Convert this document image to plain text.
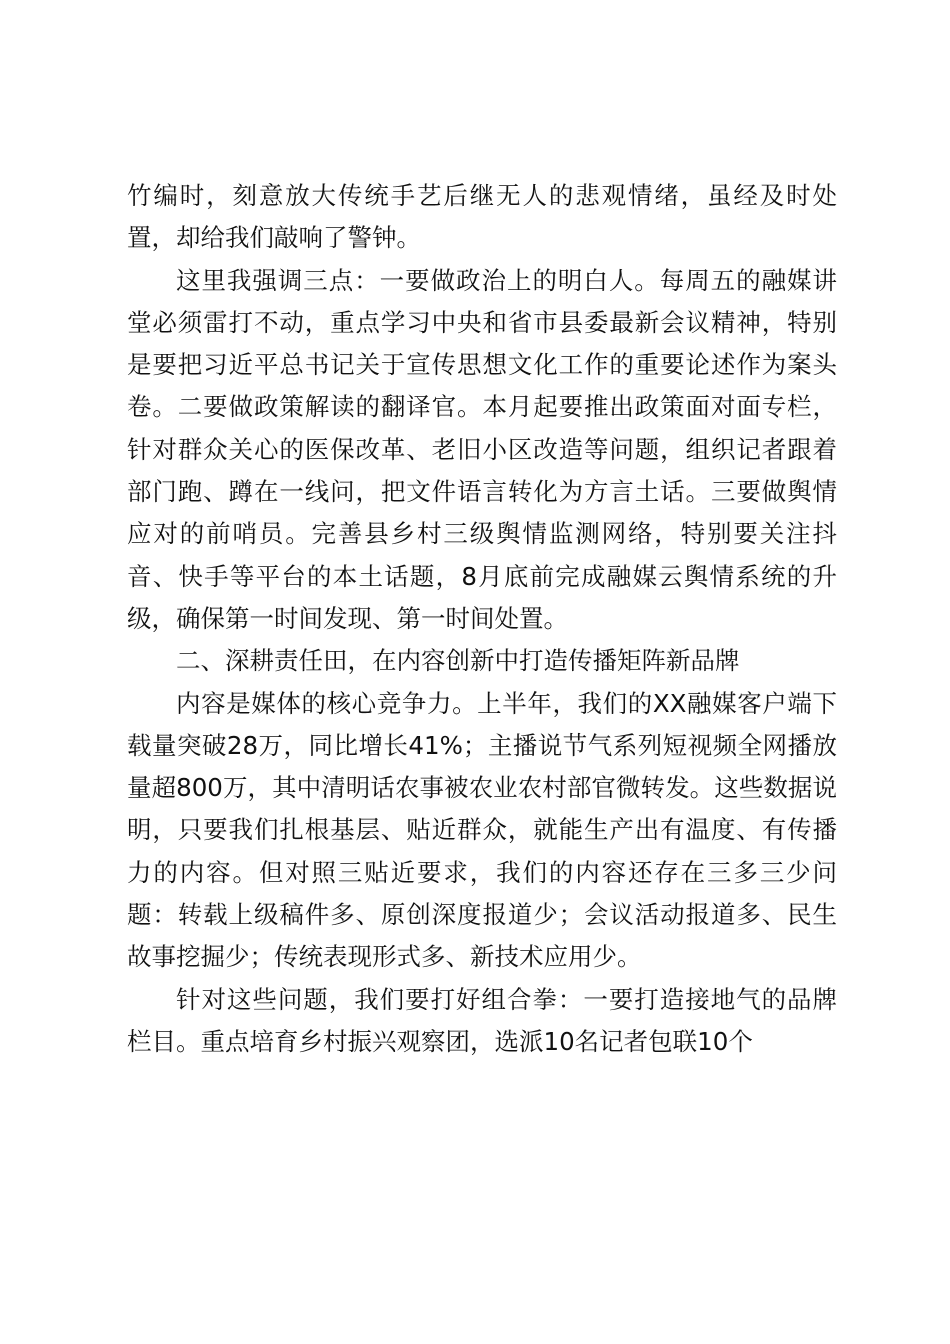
竹编时，刻意放大传统手艺后继无人的悲观情绪，虽经及时处置，却给我们敲响了警钟。

这里我强调三点：一要做政治上的明白人。每周五的融媒讲堂必须雷打不动，重点学习中央和省市县委最新会议精神，特别是要把习近平总书记关于宣传思想文化工作的重要论述作为案头卷。二要做政策解读的翻译官。本月起要推出政策面对面专栏，针对群众关心的医保改革、老旧小区改造等问题，组织记者跟着部门跑、蹲在一线问，把文件语言转化为方言土话。三要做舆情应对的前哨员。完善县乡村三级舆情监测网络，特别要关注抖音、快手等平台的本土话题，8月底前完成融媒云舆情系统的升级，确保第一时间发现、第一时间处置。

二、深耕责任田，在内容创新中打造传播矩阵新品牌

内容是媒体的核心竞争力。上半年，我们的XX融媒客户端下载量突破28万，同比增长41%；主播说节气系列短视频全网播放量超800万，其中清明话农事被农业农村部官微转发。这些数据说明，只要我们扎根基层、贴近群众，就能生产出有温度、有传播力的内容。但对照三贴近要求，我们的内容还存在三多三少问题：转载上级稿件多、原创深度报道少；会议活动报道多、民生故事挖掘少；传统表现形式多、新技术应用少。

针对这些问题，我们要打好组合拳：一要打造接地气的品牌栏目。重点培育乡村振兴观察团，选派10名记者包联10个
